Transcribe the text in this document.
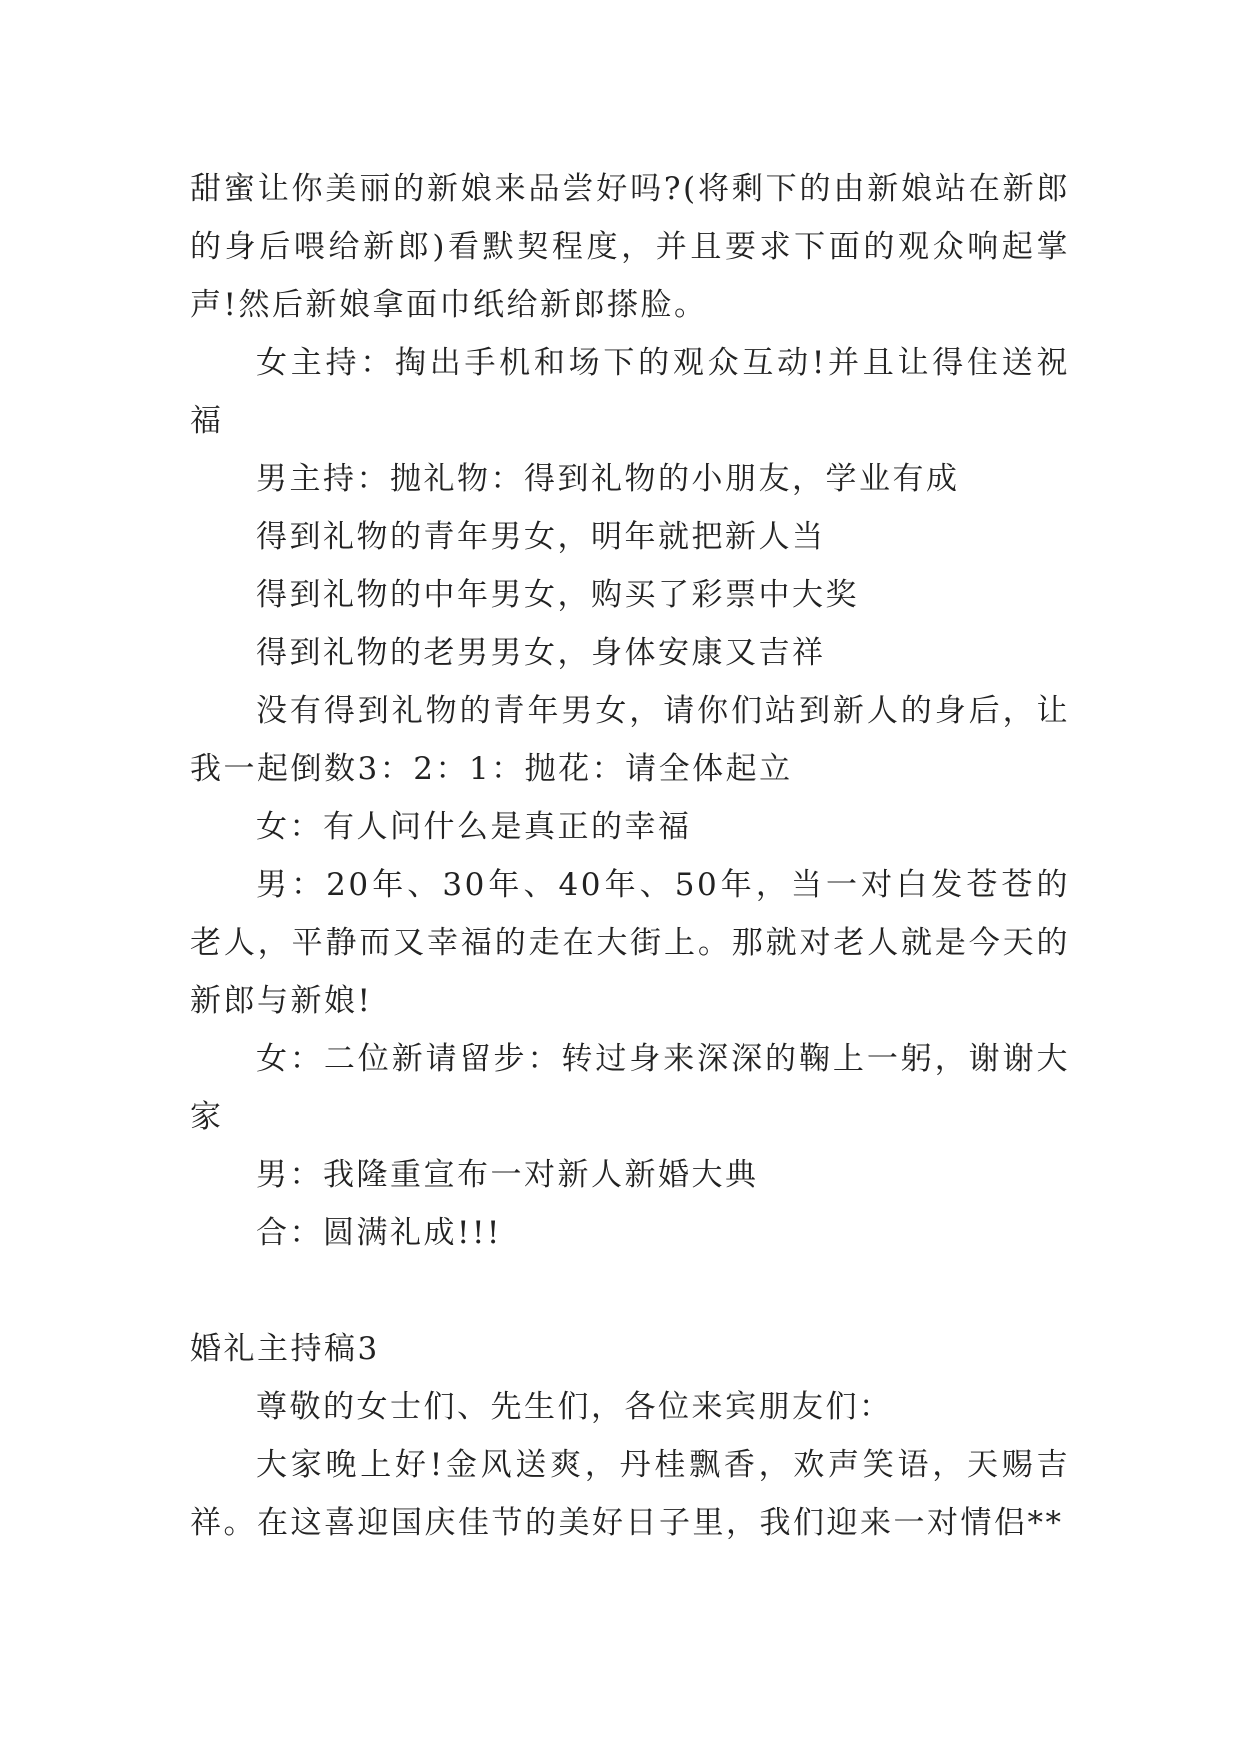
甜蜜让你美丽的新娘来品尝好吗?(将剩下的由新娘站在新郎的身后喂给新郎)看默契程度，并且要求下面的观众响起掌声!然后新娘拿面巾纸给新郎搽脸。

女主持：掏出手机和场下的观众互动!并且让得住送祝福

男主持：抛礼物：得到礼物的小朋友，学业有成

得到礼物的青年男女，明年就把新人当

得到礼物的中年男女，购买了彩票中大奖

得到礼物的老男男女，身体安康又吉祥

没有得到礼物的青年男女，请你们站到新人的身后，让我一起倒数3：2：1：抛花：请全体起立

女：有人问什么是真正的幸福

男：20年、30年、40年、50年，当一对白发苍苍的老人，平静而又幸福的走在大街上。那就对老人就是今天的新郎与新娘!

女：二位新请留步：转过身来深深的鞠上一躬，谢谢大家

男：我隆重宣布一对新人新婚大典

合：圆满礼成!!!

婚礼主持稿3

尊敬的女士们、先生们，各位来宾朋友们：

大家晚上好!金风送爽，丹桂飘香，欢声笑语，天赐吉祥。在这喜迎国庆佳节的美好日子里，我们迎来一对情侣**
